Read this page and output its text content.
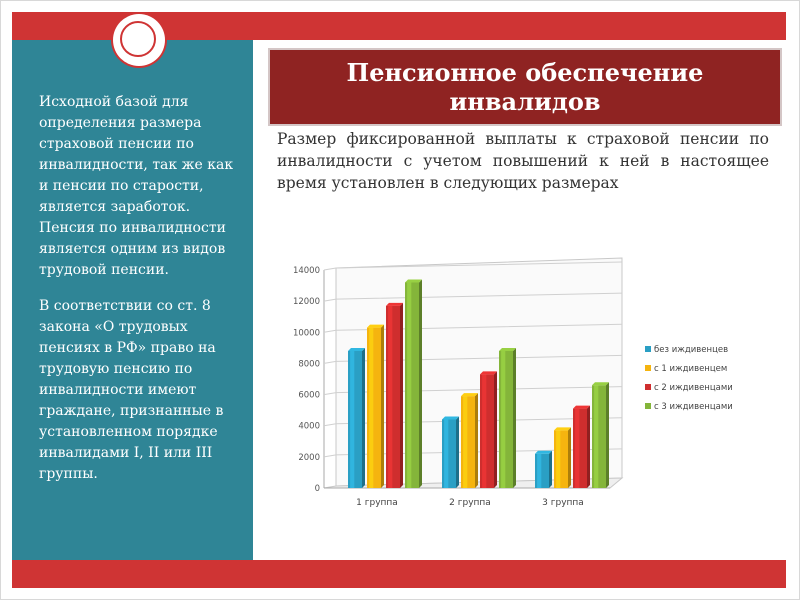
Пенсионное обеспечение
инвалидов

Исходной базой для определения размера страховой пенсии по инвалидности, так же как и пенсии по старости, является заработок. Пенсия по инвалидности является одним из видов трудовой пенсии.

В соответствии со ст. 8 закона «О трудовых пенсиях в РФ» право на трудовую пенсию по инвалидности имеют граждане, признанные в установленном порядке инвалидами I, II или III группы.

Размер фиксированной выплаты к страховой пенсии по инвалидности с учетом повышений к ней в настоящее время установлен в следующих размерах
0
2000
4000
6000
8000
10000
12000
14000
1 группа	2 группа	3 группа
без иждивенцев
с 1 иждивенцем
с 2 иждивенцами
с 3 иждивенцами
